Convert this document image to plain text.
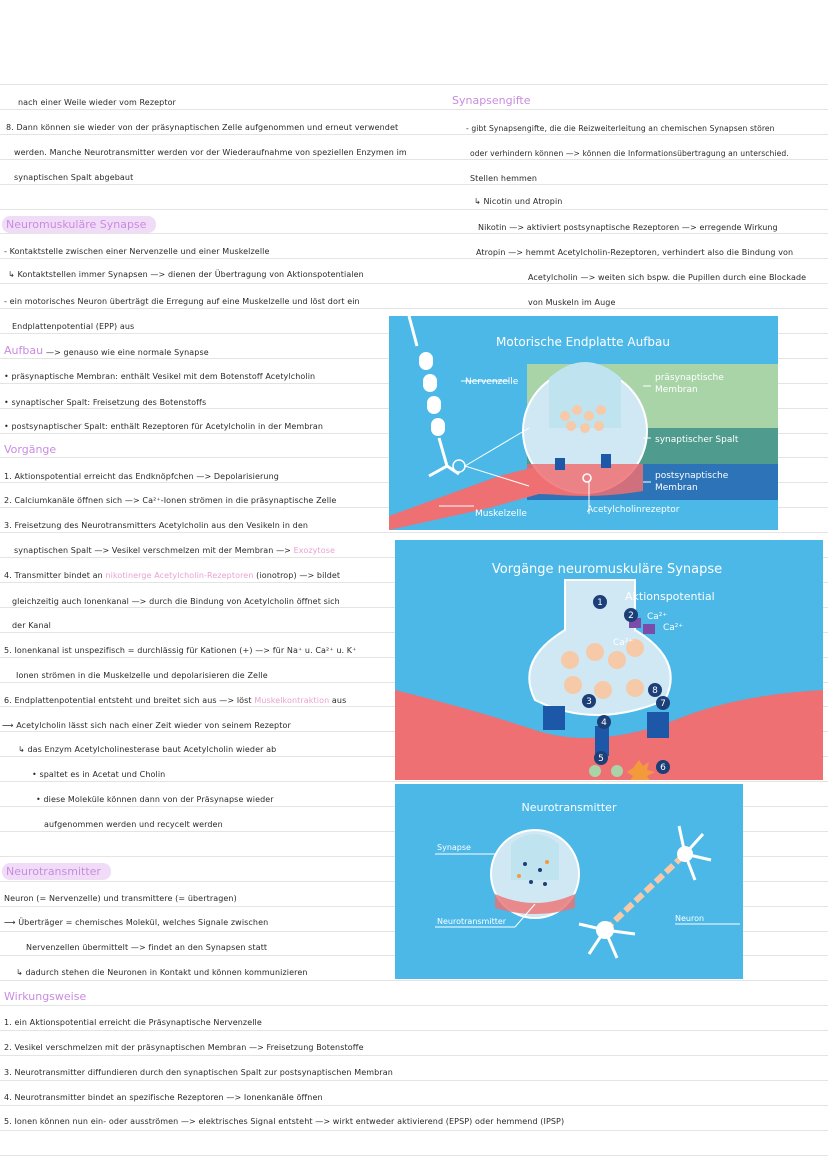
nach einer Weile wieder vom Rezeptor
8. Dann können sie wieder von der präsynaptischen Zelle aufgenommen und erneut verwendet
werden. Manche Neurotransmitter werden vor der Wiederaufnahme von speziellen Enzymen im
synaptischen Spalt abgebaut
Neuromuskuläre Synapse
- Kontaktstelle zwischen einer Nervenzelle und einer Muskelzelle
↳ Kontaktstellen immer Synapsen —> dienen der Übertragung von Aktionspotentialen
- ein motorisches Neuron überträgt die Erregung auf eine Muskelzelle und löst dort ein
Endplattenpotential (EPP) aus
Aufbau —> genauso wie eine normale Synapse
• präsynaptische Membran: enthält Vesikel mit dem Botenstoff Acetylcholin
• synaptischer Spalt: Freisetzung des Botenstoffs
• postsynaptischer Spalt: enthält Rezeptoren für Acetylcholin in der Membran
Vorgänge
1. Aktionspotential erreicht das Endknöpfchen —> Depolarisierung
2. Calciumkanäle öffnen sich —> Ca²⁺-Ionen strömen in die präsynaptische Zelle
3. Freisetzung des Neurotransmitters Acetylcholin aus den Vesikeln in den
synaptischen Spalt —> Vesikel verschmelzen mit der Membran —> Exozytose
4. Transmitter bindet an nikotinerge Acetylcholin-Rezeptoren (ionotrop) —> bildet
gleichzeitig auch Ionenkanal —> durch die Bindung von Acetylcholin öffnet sich
der Kanal
5. Ionenkanal ist unspezifisch = durchlässig für Kationen (+) —> für Na⁺ u. Ca²⁺ u. K⁺
Ionen strömen in die Muskelzelle und depolarisieren die Zelle
6. Endplattenpotential entsteht und breitet sich aus —> löst Muskelkontraktion aus
⟶ Acetylcholin lässt sich nach einer Zeit wieder von seinem Rezeptor
↳ das Enzym Acetylcholinesterase baut Acetylcholin wieder ab
• spaltet es in Acetat und Cholin
• diese Moleküle können dann von der Präsynapse wieder
aufgenommen werden und recycelt werden
Neurotransmitter
Neuron (= Nervenzelle) und transmittere (= übertragen)
⟶ Überträger = chemisches Molekül, welches Signale zwischen
Nervenzellen übermittelt —> findet an den Synapsen statt
↳ dadurch stehen die Neuronen in Kontakt und können kommunizieren
Wirkungsweise
1. ein Aktionspotential erreicht die Präsynaptische Nervenzelle
2. Vesikel verschmelzen mit der präsynaptischen Membran —> Freisetzung Botenstoffe
3. Neurotransmitter diffundieren durch den synaptischen Spalt zur postsynaptischen Membran
4. Neurotransmitter bindet an spezifische Rezeptoren —> Ionenkanäle öffnen
5. Ionen können nun ein- oder ausströmen —> elektrisches Signal entsteht —> wirkt entweder aktivierend (EPSP) oder hemmend (IPSP)
Synapsengifte
- gibt Synapsengifte, die die Reizweiterleitung an chemischen Synapsen stören
oder verhindern können —> können die Informationsübertragung an unterschied.
Stellen hemmen
↳ Nicotin und Atropin
Nikotin —> aktiviert postsynaptische Rezeptoren —> erregende Wirkung
Atropin —> hemmt Acetylcholin-Rezeptoren, verhindert also die Bindung von
Acetylcholin —> weiten sich bspw. die Pupillen durch eine Blockade
von Muskeln im Auge
Motorische Endplatte Aufbau
Nervenzelle	präsynaptische
Membran
synaptischer Spalt
postsynaptische
Membran
Muskelzelle	Acetylcholinrezeptor
Vorgänge neuromuskuläre Synapse
Aktionspotential
Ca²⁺
Ca²⁺
Ca²⁺
1
2
3
4
5
6
7
8
Neurotransmitter
Synapse
Neurotransmitter	Neuron
